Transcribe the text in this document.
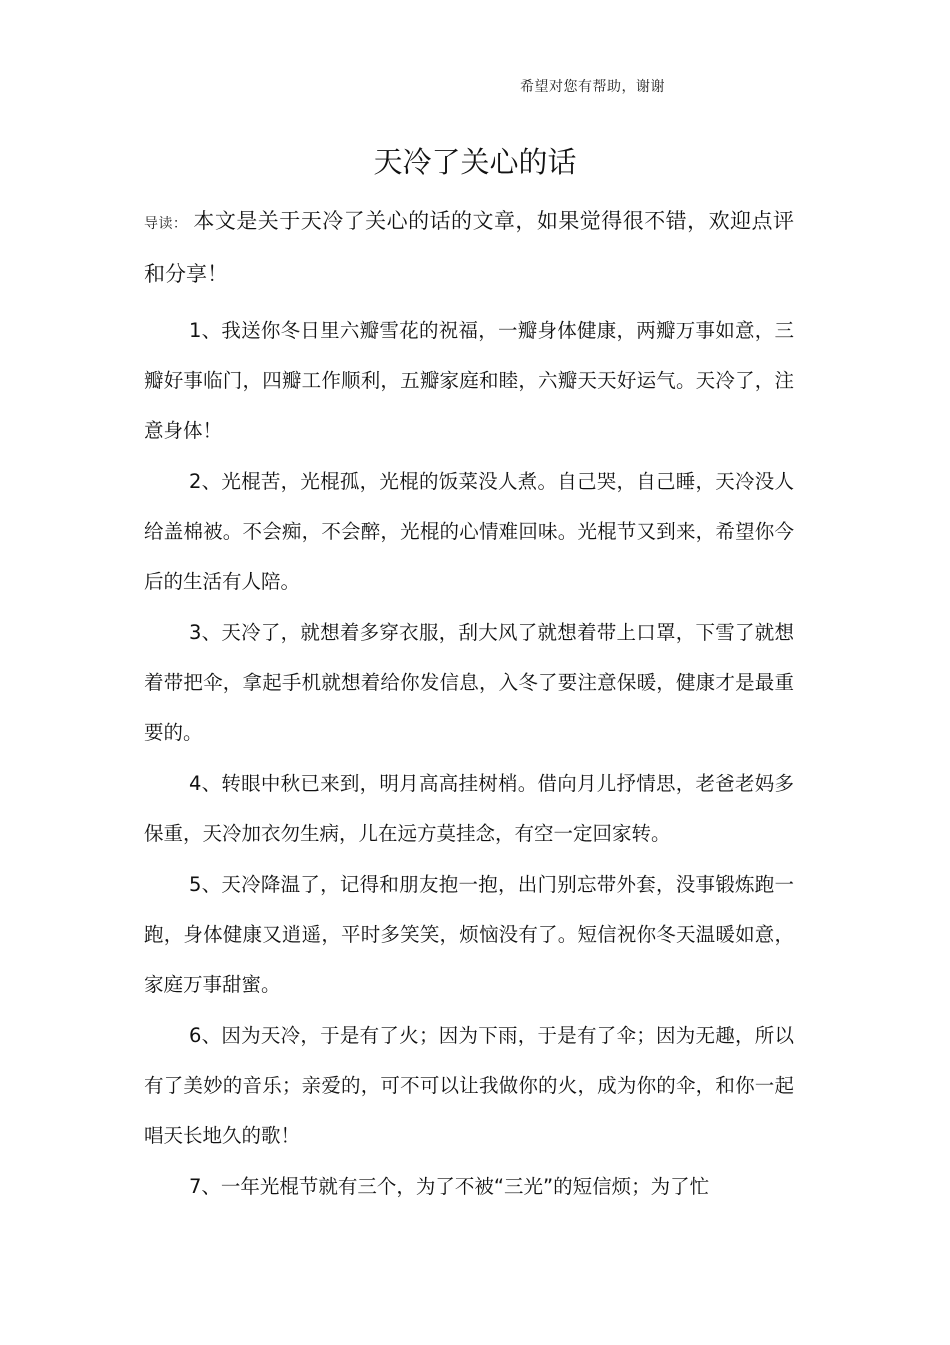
希望对您有帮助，谢谢
天冷了关心的话

导读： 本文是关于天冷了关心的话的文章，如果觉得很不错，欢迎点评和分享！

1、我送你冬日里六瓣雪花的祝福，一瓣身体健康，两瓣万事如意，三瓣好事临门，四瓣工作顺利，五瓣家庭和睦，六瓣天天好运气。天冷了，注意身体！

2、光棍苦，光棍孤，光棍的饭菜没人煮。自己哭，自己睡，天冷没人给盖棉被。不会痴，不会醉，光棍的心情难回味。光棍节又到来，希望你今后的生活有人陪。

3、天冷了，就想着多穿衣服，刮大风了就想着带上口罩，下雪了就想着带把伞，拿起手机就想着给你发信息，入冬了要注意保暖，健康才是最重要的。

4、转眼中秋已来到，明月高高挂树梢。借向月儿抒情思，老爸老妈多保重，天冷加衣勿生病，儿在远方莫挂念，有空一定回家转。

5、天冷降温了，记得和朋友抱一抱，出门别忘带外套，没事锻炼跑一跑，身体健康又逍遥，平时多笑笑，烦恼没有了。短信祝你冬天温暖如意，家庭万事甜蜜。

6、因为天冷，于是有了火；因为下雨，于是有了伞；因为无趣，所以有了美妙的音乐；亲爱的，可不可以让我做你的火，成为你的伞，和你一起唱天长地久的歌！

7、一年光棍节就有三个，为了不被“三光”的短信烦；为了忙
